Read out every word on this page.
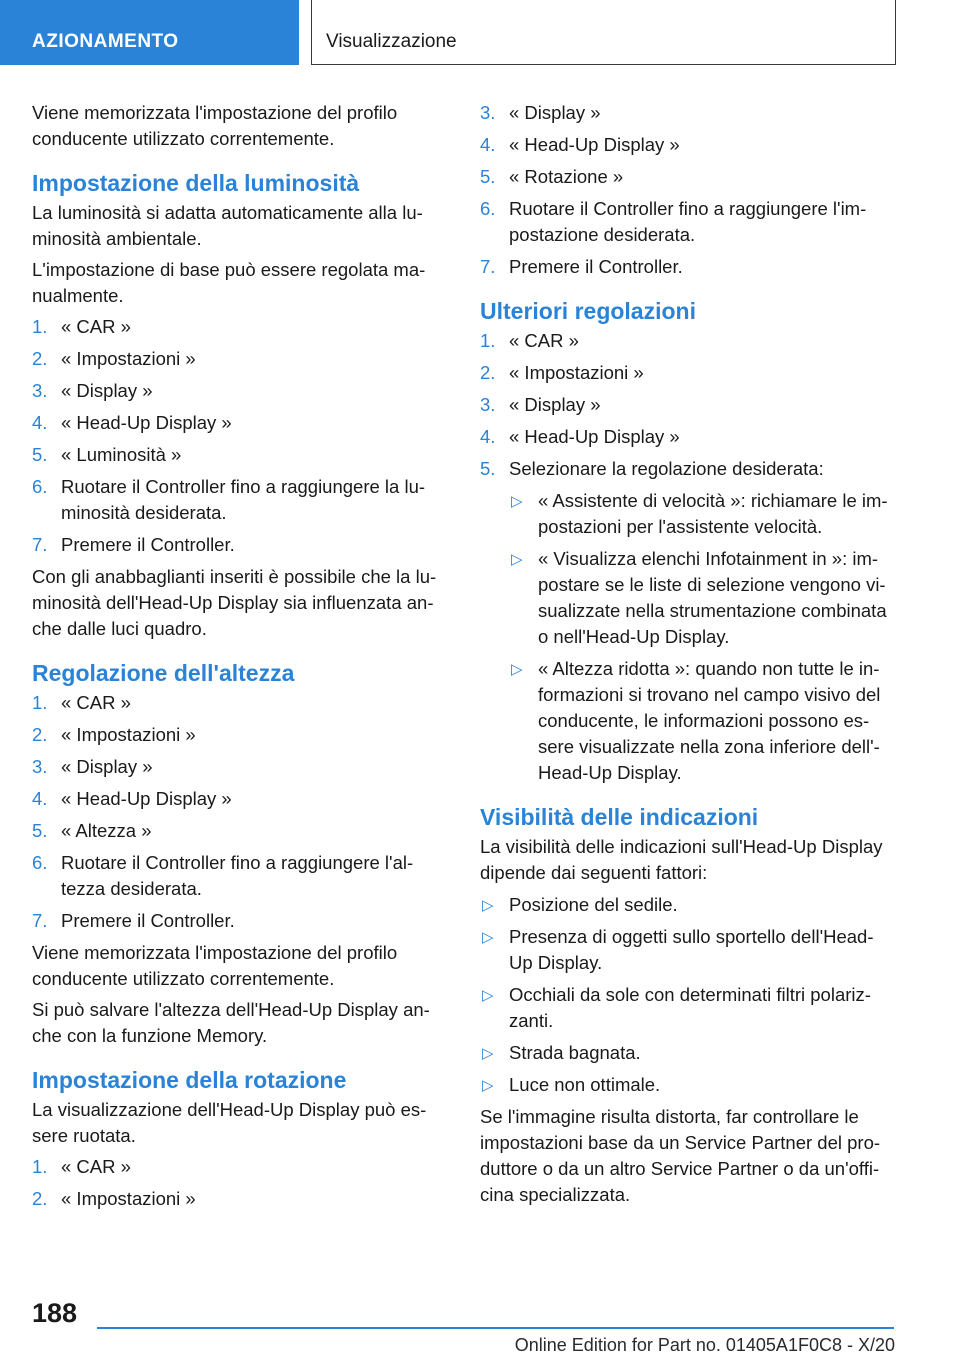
AZIONAMENTO	Visualizzazione

Viene memorizzata l'impostazione del profilo conducente utilizzato correntemente.

Impostazione della luminosità

La luminosità si adatta automaticamente alla lu-minosità ambientale.

L'impostazione di base può essere regolata ma-nualmente.

1. « CAR »
2. « Impostazioni »
3. « Display »
4. « Head-Up Display »
5. « Luminosità »
6. Ruotare il Controller fino a raggiungere la lu-minosità desiderata.
7. Premere il Controller.

Con gli anabbaglianti inseriti è possibile che la lu-minosità dell'Head-Up Display sia influenzata an-che dalle luci quadro.

Regolazione dell'altezza
1. « CAR »
2. « Impostazioni »
3. « Display »
4. « Head-Up Display »
5. « Altezza »
6. Ruotare il Controller fino a raggiungere l'al-tezza desiderata.
7. Premere il Controller.

Viene memorizzata l'impostazione del profilo conducente utilizzato correntemente.

Si può salvare l'altezza dell'Head-Up Display an-che con la funzione Memory.

Impostazione della rotazione

La visualizzazione dell'Head-Up Display può es-sere ruotata.

1. « CAR »
2. « Impostazioni »
3. « Display »
4. « Head-Up Display »
5. « Rotazione »
6. Ruotare il Controller fino a raggiungere l'im-postazione desiderata.
7. Premere il Controller.
Ulteriori regolazioni
1. « CAR »
2. « Impostazioni »
3. « Display »
4. « Head-Up Display »
5. Selezionare la regolazione desiderata:
▷ « Assistente di velocità »: richiamare le im-postazioni per l'assistente velocità.
▷ « Visualizza elenchi Infotainment in »: im-postare se le liste di selezione vengono vi-sualizzate nella strumentazione combinata o nell'Head-Up Display.
▷ « Altezza ridotta »: quando non tutte le in-formazioni si trovano nel campo visivo del conducente, le informazioni possono es-sere visualizzate nella zona inferiore dell'-Head-Up Display.
Visibilità delle indicazioni

La visibilità delle indicazioni sull'Head-Up Display dipende dai seguenti fattori:

▷ Posizione del sedile.
▷ Presenza di oggetti sullo sportello dell'Head-Up Display.
▷ Occhiali da sole con determinati filtri polariz-zanti.
▷ Strada bagnata.
▷ Luce non ottimale.

Se l'immagine risulta distorta, far controllare le impostazioni base da un Service Partner del pro-duttore o da un altro Service Partner o da un'offi-cina specializzata.

188
Online Edition for Part no. 01405A1F0C8 - X/20
